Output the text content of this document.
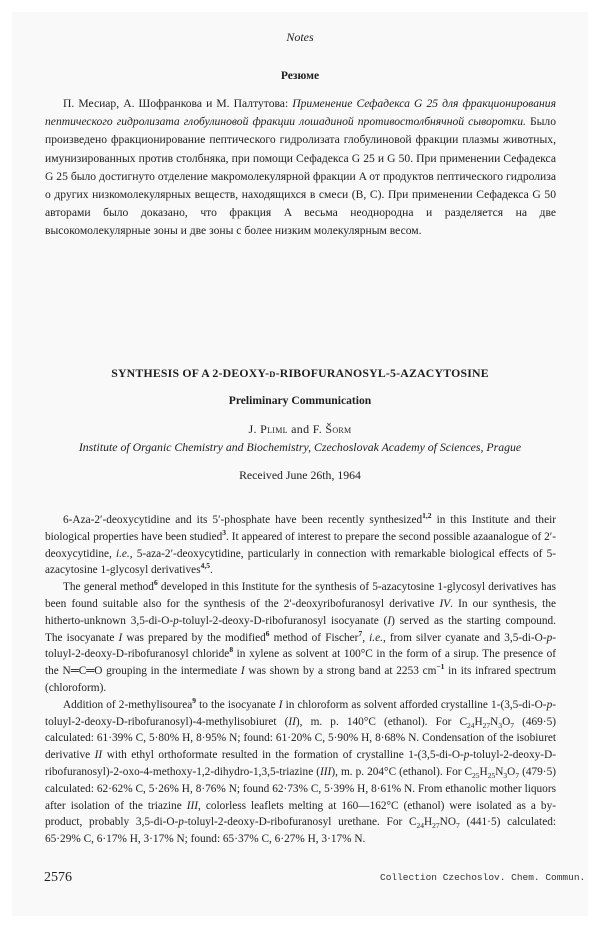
Notes
Резюме
П. Месиар, А. Шофранкова и М. Палтутова: Применение Сефадекса G 25 для фракционирования пептического гидролизата глобулиновой фракции лошадиной противостолбнячной сыворотки. Было произведено фракционирование пептического гидролизата глобулиновой фракции плазмы животных, имунизированных против столбняка, при помощи Сефадекса G 25 и G 50. При применении Сефадекса G 25 было достигнуто отделение макромолекулярной фракции A от продуктов пептического гидролиза о других низкомолекулярных веществ, находящихся в смеси (B, C). При применении Сефадекса G 50 авторами было доказано, что фракция A весьма неоднородна и разделяется на две высокомолекулярные зоны и две зоны с более низким молекулярным весом.
SYNTHESIS OF A 2-DEOXY-D-RIBOFURANOSYL-5-AZACYTOSINE
Preliminary Communication
J. Pliml and F. Šorm
Institute of Organic Chemistry and Biochemistry, Czechoslovak Academy of Sciences, Prague
Received June 26th, 1964

6-Aza-2′-deoxycytidine and its 5′-phosphate have been recently synthesized$^{1,2}$ in this Institute and their biological properties have been studied$^3$. It appeared of interest to prepare the second possible azaanalogue of 2′-deoxycytidine, i.e., 5-aza-2′-deoxycytidine, particularly in connection with remarkable biological effects of 5-azacytosine 1-glycosyl derivatives$^{4,5}$.

The general method$^6$ developed in this Institute for the synthesis of 5-azacytosine 1-glycosyl derivatives has been found suitable also for the synthesis of the 2′-deoxyribofuranosyl derivative IV. In our synthesis, the hitherto-unknown 3,5-di-O-p-toluyl-2-deoxy-D-ribofuranosyl isocyanate (I) served as the starting compound. The isocyanate I was prepared by the modified$^6$ method of Fischer$^7$, i.e., from silver cyanate and 3,5-di-O-p-toluyl-2-deoxy-D-ribofuranosyl chloride$^8$ in xylene as solvent at 100°C in the form of a sirup. The presence of the N═C═O grouping in the intermediate I was shown by a strong band at 2253 $cm^{-1}$ in its infrared spectrum (chloroform).

Addition of 2-methylisourea$^9$ to the isocyanate I in chloroform as solvent afforded crystalline 1-(3,5-di-O-p-toluyl-2-deoxy-D-ribofuranosyl)-4-methylisobiuret (II), m. p. 140°C (ethanol). For $C_{24}H_{27}N_3O_7$ (469·5) calculated: 61·39% C, 5·80% H, 8·95% N; found: 61·20% C, 5·90% H, 8·68% N. Condensation of the isobiuret derivative II with ethyl orthoformate resulted in the formation of crystalline 1-(3,5-di-O-p-toluyl-2-deoxy-D-ribofuranosyl)-2-oxo-4-methoxy-1,2-dihydro-1,3,5-triazine (III), m. p. 204°C (ethanol). For $C_{25}H_{25}N_3O_7$ (479·5) calculated: 62·62% C, 5·26% H, 8·76% N; found 62·73% C, 5·39% H, 8·61% N. From ethanolic mother liquors after isolation of the triazine III, colorless leaflets melting at 160—162°C (ethanol) were isolated as a by-product, probably 3,5-di-O-p-toluyl-2-deoxy-D-ribofuranosyl urethane. For $C_{24}H_{27}NO_7$ (441·5) calculated: 65·29% C, 6·17% H, 3·17% N; found: 65·37% C, 6·27% H, 3·17% N.

2576	Collection Czechoslov. Chem. Commun.
